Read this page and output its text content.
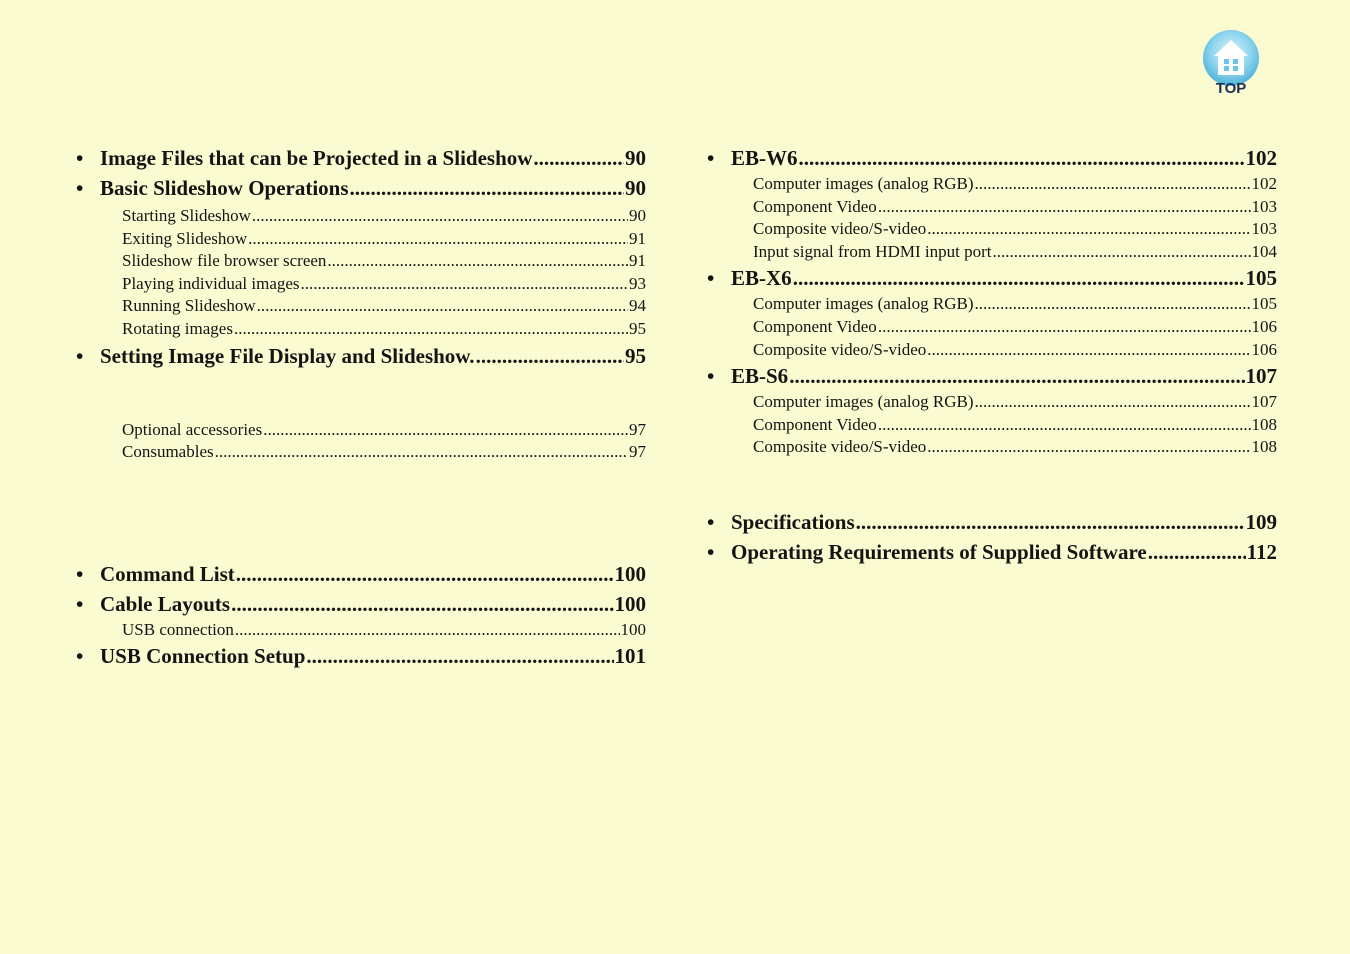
TOP
• Image Files that can be Projected in a Slideshow .....	90
• Basic Slideshow Operations .....	90
Starting Slideshow .....	90
Exiting Slideshow .....	91
Slideshow file browser screen .....	91
Playing individual images .....	93
Running Slideshow .....	94
Rotating images .....	95
• Setting Image File Display and Slideshow. .....	95
Optional accessories .....	97
Consumables .....	97
• Command List .....	100
• Cable Layouts .....	100
USB connection .....	100
• USB Connection Setup .....	101
• EB-W6 .....	102
Computer images (analog RGB) .....	102
Component Video .....	103
Composite video/S-video .....	103
Input signal from HDMI input port .....	104
• EB-X6 .....	105
Computer images (analog RGB) .....	105
Component Video .....	106
Composite video/S-video .....	106
• EB-S6 .....	107
Computer images (analog RGB) .....	107
Component Video .....	108
Composite video/S-video .....	108
• Specifications .....	109
• Operating Requirements of Supplied Software .....	112
